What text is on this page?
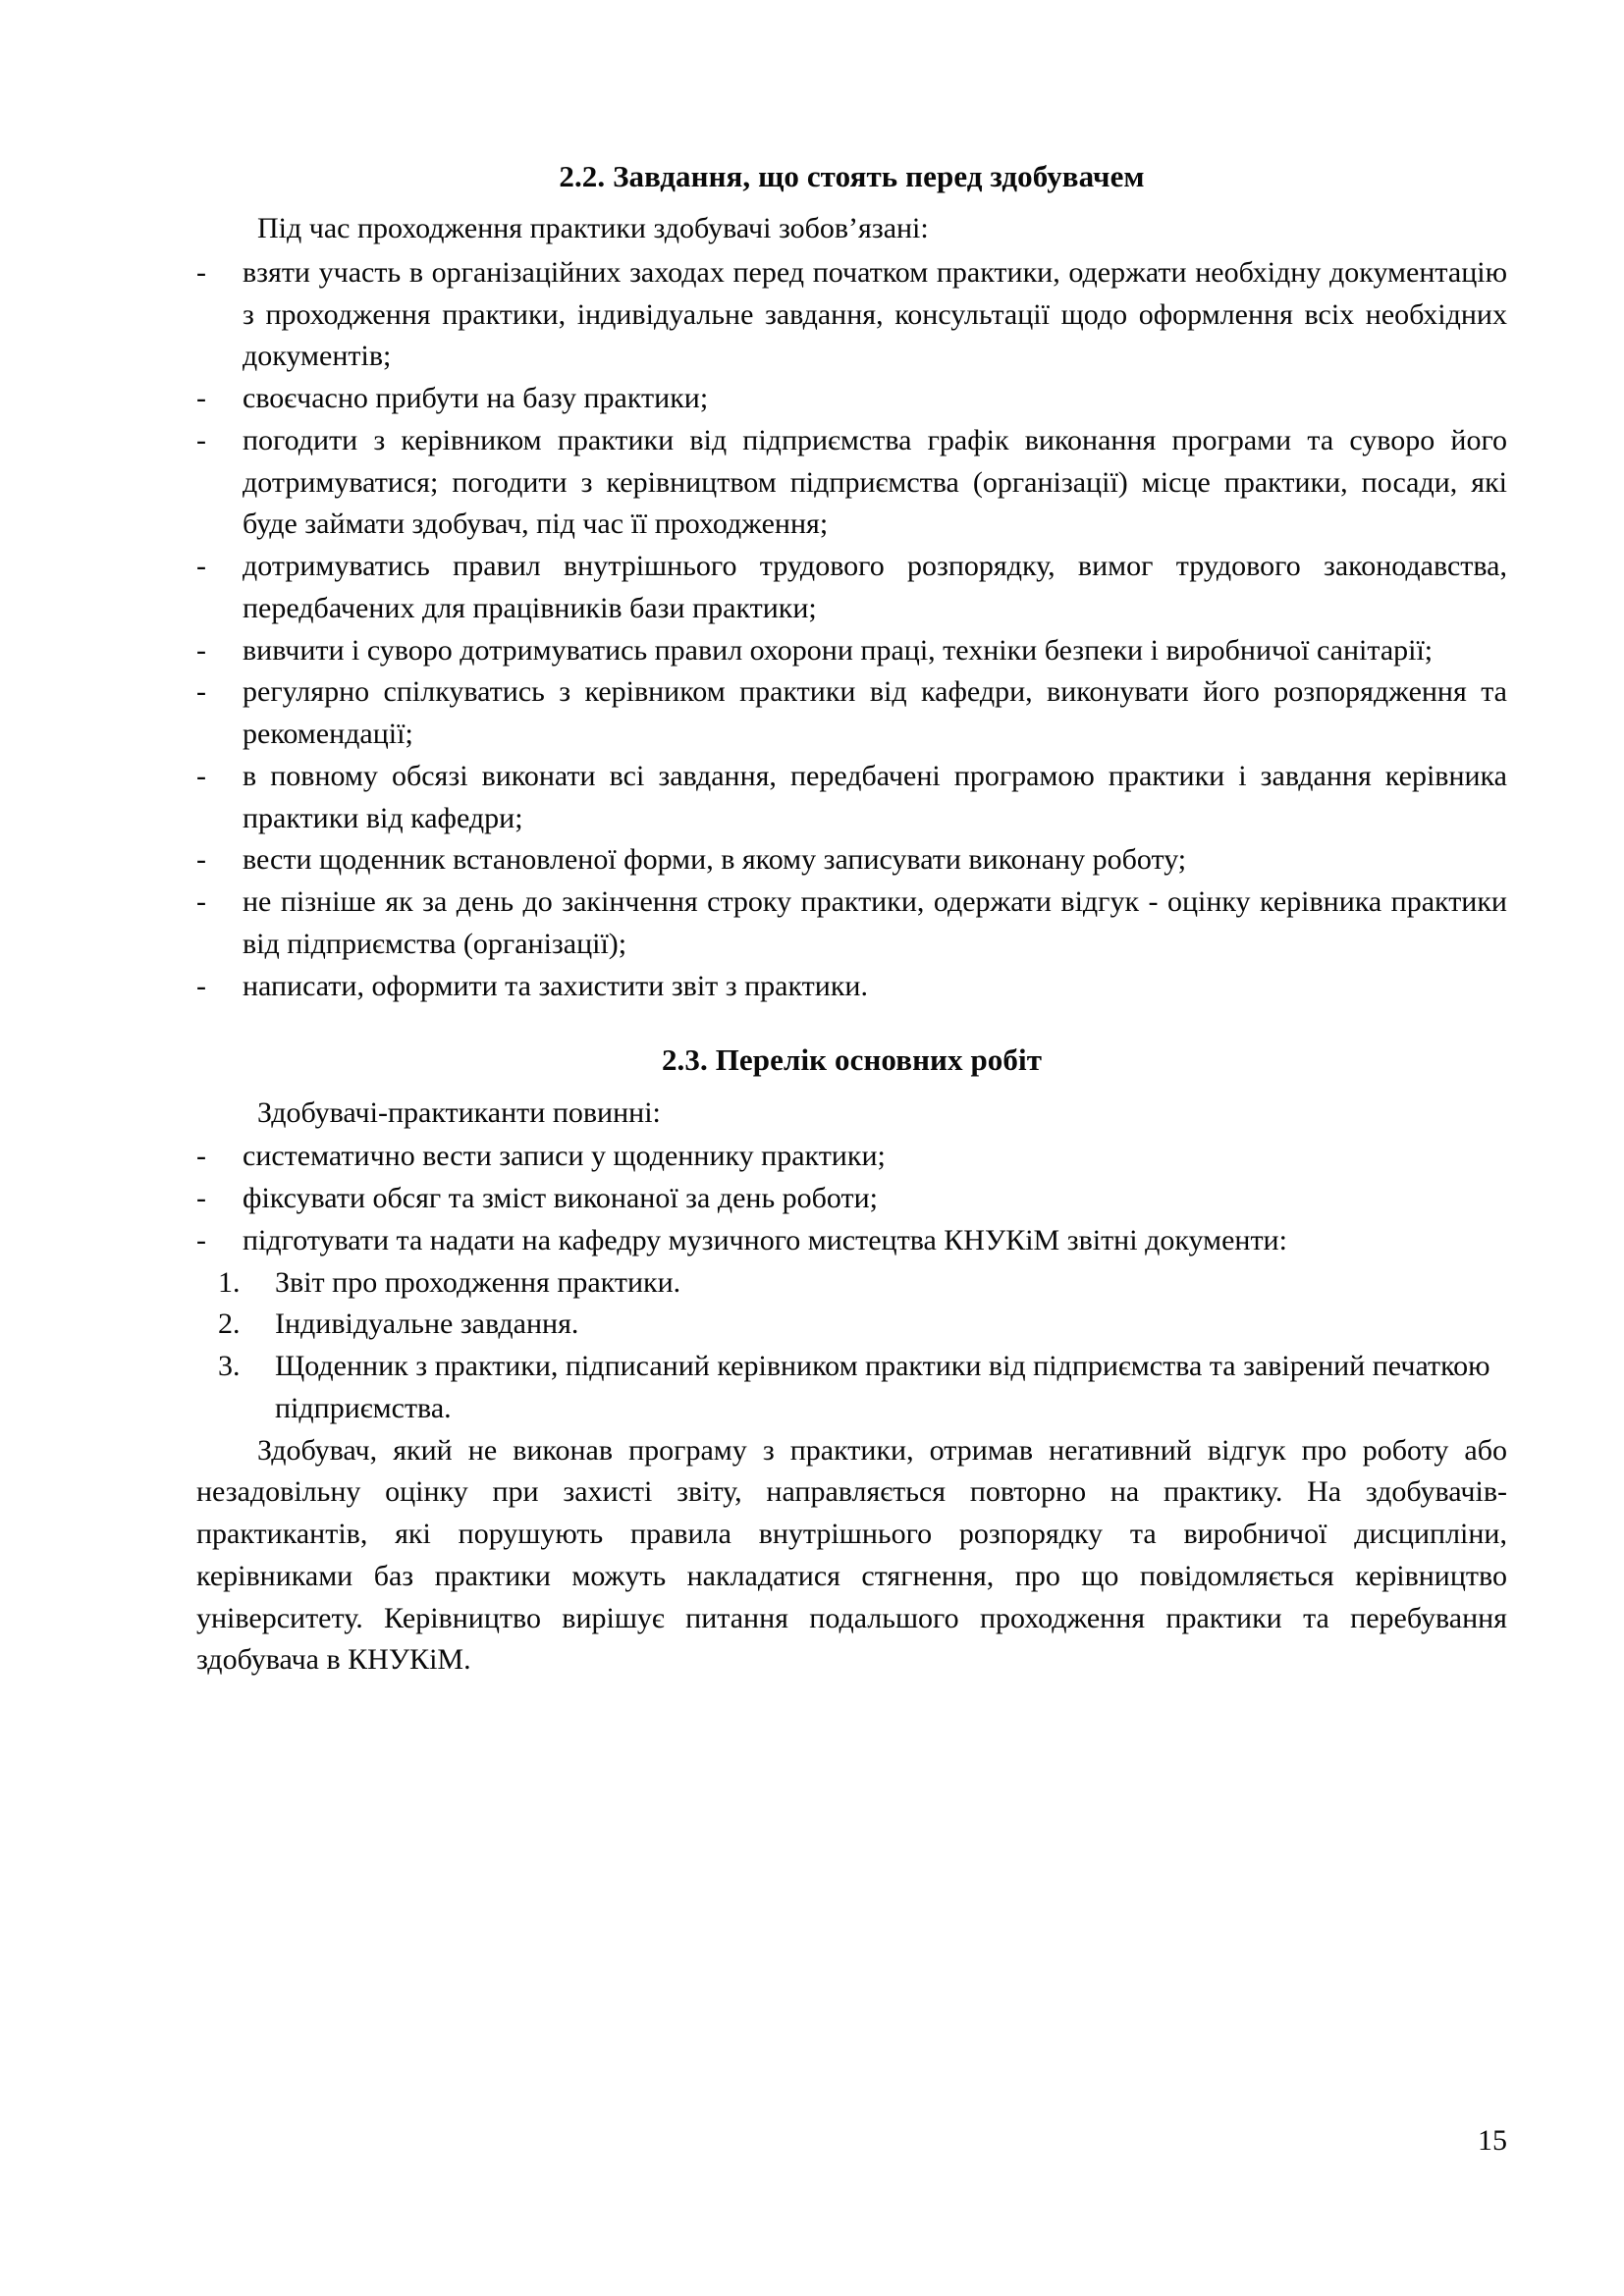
2.2. Завдання, що стоять перед здобувачем

Під час проходження практики здобувачі зобов’язані:

- взяти участь в організаційних заходах перед початком практики, одержати необхідну документацію з проходження практики, індивідуальне завдання, консультації щодо оформлення всіх необхідних документів;
- своєчасно прибути на базу практики;
- погодити з керівником практики від підприємства графік виконання програми та суворо його дотримуватися; погодити з керівництвом підприємства (організації) місце практики, посади, які буде займати здобувач, під час її проходження;
- дотримуватись правил внутрішнього трудового розпорядку, вимог трудового законодавства, передбачених для працівників бази практики;
- вивчити і суворо дотримуватись правил охорони праці, техніки безпеки і виробничої санітарії;
- регулярно спілкуватись з керівником практики від кафедри, виконувати його розпорядження та рекомендації;
- в повному обсязі виконати всі завдання, передбачені програмою практики і завдання керівника практики від кафедри;
- вести щоденник встановленої форми, в якому записувати виконану роботу;
- не пізніше як за день до закінчення строку практики, одержати відгук - оцінку керівника практики від підприємства (організації);
- написати, оформити та захистити звіт з практики.
2.3. Перелік основних робіт

Здобувачі-практиканти повинні:

- систематично вести записи у щоденнику практики;
- фіксувати обсяг та зміст виконаної за день роботи;
- підготувати та надати на кафедру музичного мистецтва КНУКіМ звітні документи:
1. Звіт про проходження практики.
2. Індивідуальне завдання.
3. Щоденник з практики, підписаний керівником практики від підприємства та завірений печаткою підприємства.

Здобувач, який не виконав програму з практики, отримав негативний відгук про роботу або незадовільну оцінку при захисті звіту, направляється повторно на практику. На здобувачів-практикантів, які порушують правила внутрішнього розпорядку та виробничої дисципліни, керівниками баз практики можуть накладатися стягнення, про що повідомляється керівництво університету. Керівництво вирішує питання подальшого проходження практики та перебування здобувача в КНУКіМ.

15
